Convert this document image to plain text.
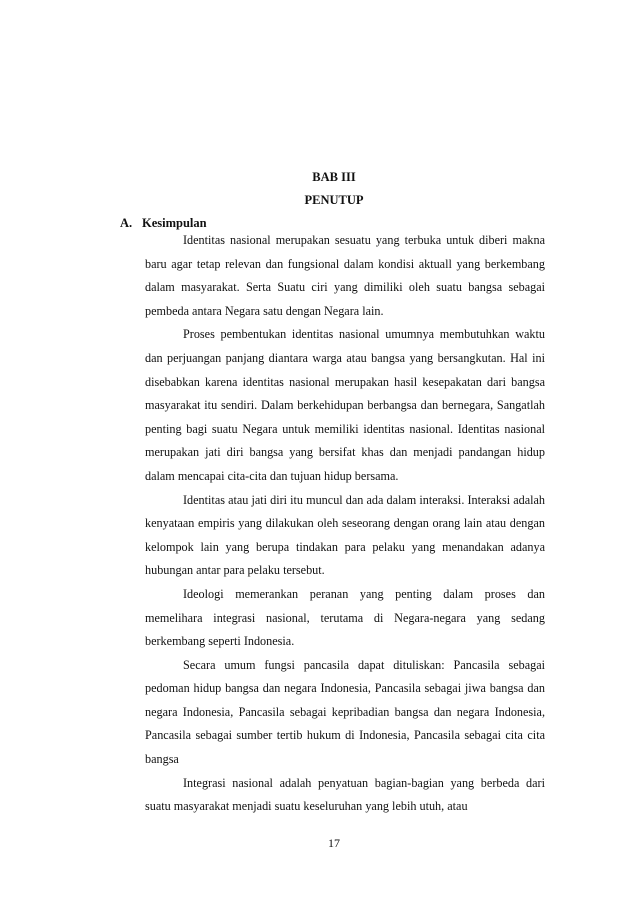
BAB III
PENUTUP
A. Kesimpulan

Identitas nasional merupakan sesuatu yang terbuka untuk diberi makna baru agar tetap relevan dan fungsional dalam kondisi aktuall yang berkembang dalam masyarakat. Serta Suatu ciri yang dimiliki oleh suatu bangsa sebagai pembeda antara Negara satu dengan Negara lain.

Proses pembentukan identitas nasional umumnya membutuhkan waktu dan perjuangan panjang diantara warga atau bangsa yang bersangkutan. Hal ini disebabkan karena identitas nasional merupakan hasil kesepakatan dari bangsa masyarakat itu sendiri. Dalam berkehidupan berbangsa dan bernegara, Sangatlah penting bagi suatu Negara untuk memiliki identitas nasional. Identitas nasional merupakan jati diri bangsa yang bersifat khas dan menjadi pandangan hidup dalam mencapai cita-cita dan tujuan hidup bersama.

Identitas atau jati diri itu muncul dan ada dalam interaksi. Interaksi adalah kenyataan empiris yang dilakukan oleh seseorang dengan orang lain atau dengan kelompok lain yang berupa tindakan para pelaku yang menandakan adanya hubungan antar para pelaku tersebut.

Ideologi memerankan peranan yang penting dalam proses dan memelihara integrasi nasional, terutama di Negara-negara yang sedang berkembang seperti Indonesia.

Secara umum fungsi pancasila dapat dituliskan: Pancasila sebagai pedoman hidup bangsa dan negara Indonesia, Pancasila sebagai jiwa bangsa dan negara Indonesia, Pancasila sebagai kepribadian bangsa dan negara Indonesia, Pancasila sebagai sumber tertib hukum di Indonesia, Pancasila sebagai cita cita bangsa

Integrasi nasional adalah penyatuan bagian-bagian yang berbeda dari suatu masyarakat menjadi suatu keseluruhan yang lebih utuh, atau

17
